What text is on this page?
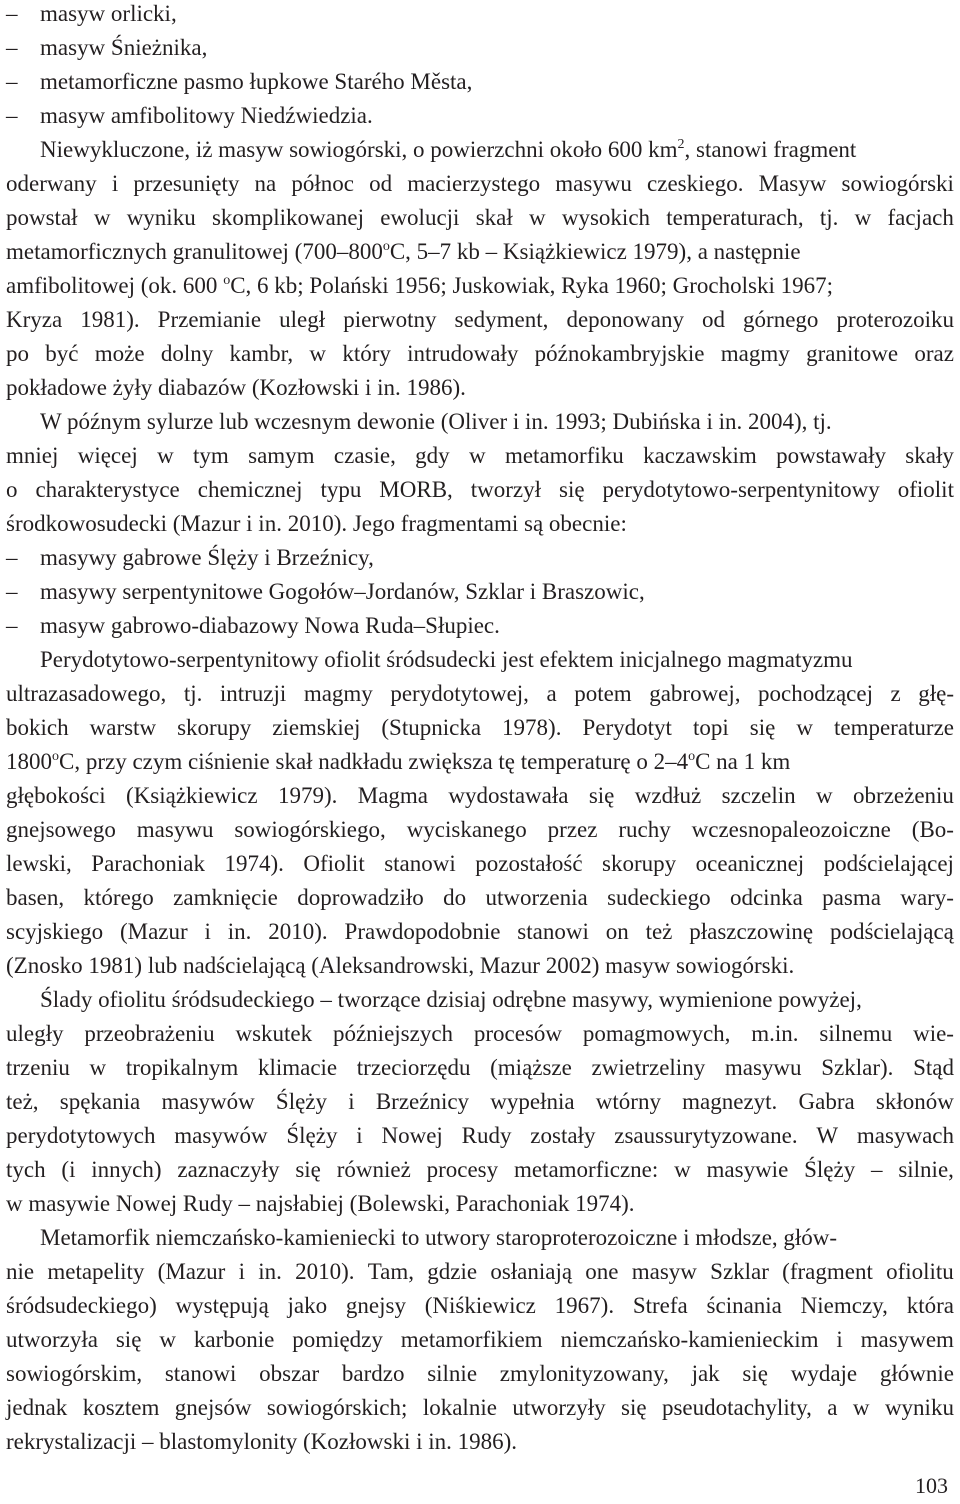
– masyw orlicki,
– masyw Śnieżnika,
– metamorficzne pasmo łupkowe Starého Města,
– masyw amfibolitowy Niedźwiedzia.
Niewykluczone, iż masyw sowiogórski, o powierzchni około 600 $km^2$, stanowi fragment
oderwany i przesunięty na północ od macierzystego masywu czeskiego. Masyw sowiogórski
powstał w wyniku skomplikowanej ewolucji skał w wysokich temperaturach, tj. w facjach
metamorficznych granulitowej (700–800$^o$C, 5–7 kb – Książkiewicz 1979), a następnie
amfibolitowej (ok. 600 $^o$C, 6 kb; Polański 1956; Juskowiak, Ryka 1960; Grocholski 1967;
Kryza 1981). Przemianie uległ pierwotny sedyment, deponowany od górnego proterozoiku
po być może dolny kambr, w który intrudowały późnokambryjskie magmy granitowe oraz
pokładowe żyły diabazów (Kozłowski i in. 1986).
W późnym sylurze lub wczesnym dewonie (Oliver i in. 1993; Dubińska i in. 2004), tj.
mniej więcej w tym samym czasie, gdy w metamorfiku kaczawskim powstawały skały
o charakterystyce chemicznej typu MORB, tworzył się perydotytowo-serpentynitowy ofiolit
środkowosudecki (Mazur i in. 2010). Jego fragmentami są obecnie:
– masywy gabrowe Ślęży i Brzeźnicy,
– masywy serpentynitowe Gogołów–Jordanów, Szklar i Braszowic,
– masyw gabrowo-diabazowy Nowa Ruda–Słupiec.
Perydotytowo-serpentynitowy ofiolit śródsudecki jest efektem inicjalnego magmatyzmu
ultrazasadowego, tj. intruzji magmy perydotytowej, a potem gabrowej, pochodzącej z głę-
bokich warstw skorupy ziemskiej (Stupnicka 1978). Perydotyt topi się w temperaturze
1800$^o$C, przy czym ciśnienie skał nadkładu zwiększa tę temperaturę o 2–4$^o$C na 1 km
głębokości (Książkiewicz 1979). Magma wydostawała się wzdłuż szczelin w obrzeżeniu
gnejsowego masywu sowiogórskiego, wyciskanego przez ruchy wczesnopaleozoiczne (Bo-
lewski, Parachoniak 1974). Ofiolit stanowi pozostałość skorupy oceanicznej podścielającej
basen, którego zamknięcie doprowadziło do utworzenia sudeckiego odcinka pasma wary-
scyjskiego (Mazur i in. 2010). Prawdopodobnie stanowi on też płaszczowinę podścielającą
(Znosko 1981) lub nadścielającą (Aleksandrowski, Mazur 2002) masyw sowiogórski.
Ślady ofiolitu śródsudeckiego – tworzące dzisiaj odrębne masywy, wymienione powyżej,
uległy przeobrażeniu wskutek późniejszych procesów pomagmowych, m.in. silnemu wie-
trzeniu w tropikalnym klimacie trzeciorzędu (miąższe zwietrzeliny masywu Szklar). Stąd
też, spękania masywów Ślęży i Brzeźnicy wypełnia wtórny magnezyt. Gabra skłonów
perydotytowych masywów Ślęży i Nowej Rudy zostały zsaussurytyzowane. W masywach
tych (i innych) zaznaczyły się również procesy metamorficzne: w masywie Ślęży – silnie,
w masywie Nowej Rudy – najsłabiej (Bolewski, Parachoniak 1974).
Metamorfik niemczańsko-kamieniecki to utwory staroproterozoiczne i młodsze, głów-
nie metapelity (Mazur i in. 2010). Tam, gdzie osłaniają one masyw Szklar (fragment ofiolitu
śródsudeckiego) występują jako gnejsy (Niśkiewicz 1967). Strefa ścinania Niemczy, która
utworzyła się w karbonie pomiędzy metamorfikiem niemczańsko-kamienieckim i masywem
sowiogórskim, stanowi obszar bardzo silnie zmylonityzowany, jak się wydaje głównie
jednak kosztem gnejsów sowiogórskich; lokalnie utworzyły się pseudotachylity, a w wyniku
rekrystalizacji – blastomylonity (Kozłowski i in. 1986).
103
